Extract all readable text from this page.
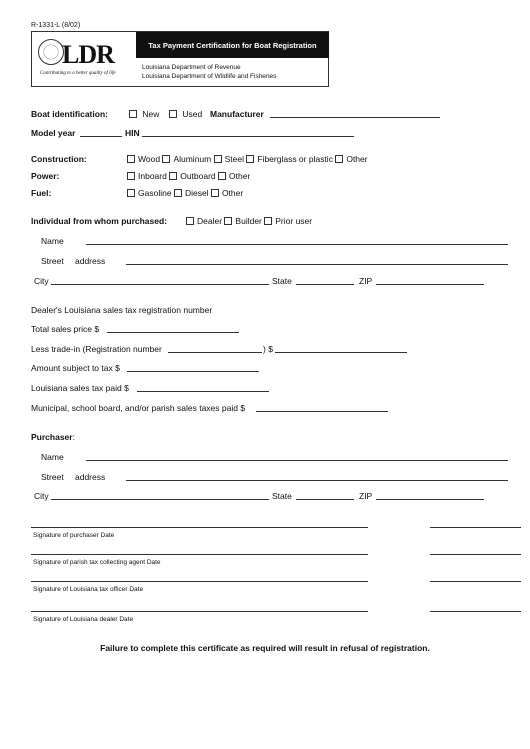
R-1331-L (8/02)
LDR
Contributing to a better quality of life
Tax Payment Certification for Boat Registration
Louisiana Department of Revenue
Louisiana Department of Wildlife and Fisheries
Boat identification:	New	Used Manufacturer
Model year	HIN
Construction:	Wood Aluminum Steel Fiberglass or plastic Other
Power:	Inboard Outboard Other
Fuel:	Gasoline Diesel Other
Individual from whom purchased:	Dealer Builder Prior user
Name
Street address
City	State	ZIP
Dealer's Louisiana sales tax registration number
Total sales price $
Less trade-in (Registration number	) $
Amount subject to tax $
Louisiana sales tax paid $
Municipal, school board, and/or parish sales taxes paid $
Purchaser:
Name
Street address
City	State	ZIP
Signature of purchaser Date
Signature of parish tax collecting agent Date
Signature of Louisiana tax officer Date
Signature of Louisiana dealer Date
Failure to complete this certificate as required will result in refusal of registration.
